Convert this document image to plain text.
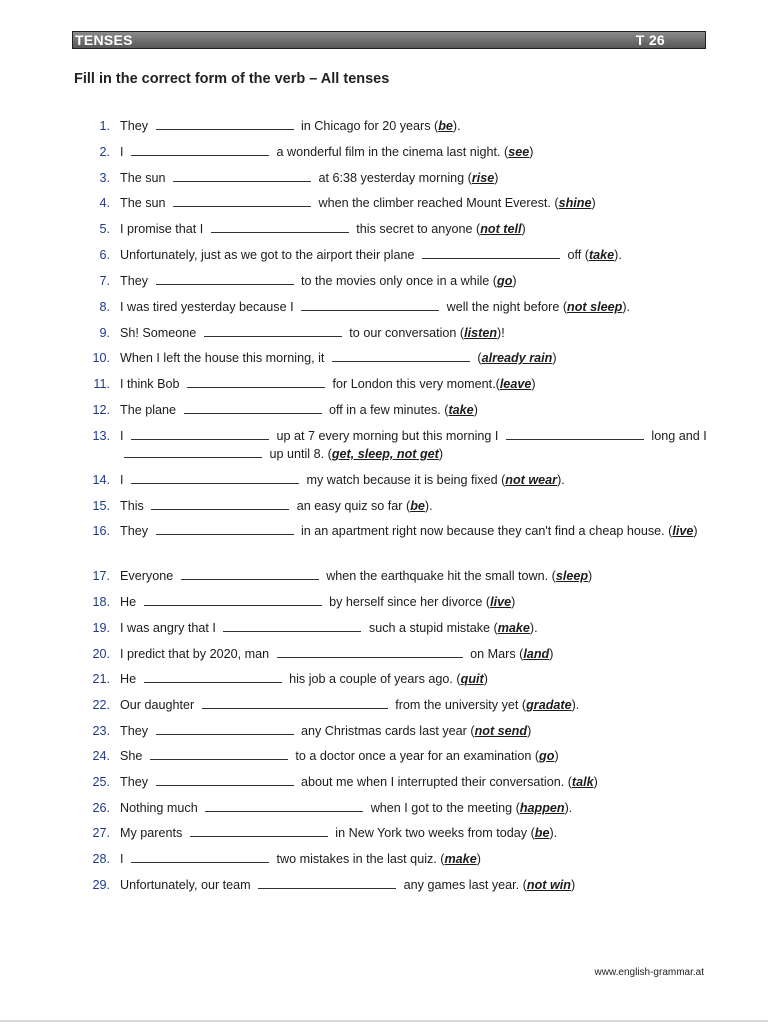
TENSES	T 26
Fill in the correct form of the verb – All tenses
1. They	in Chicago for 20 years (be).
2. I	a wonderful film in the cinema last night. (see)
3. The sun	at 6:38 yesterday morning (rise)
4. The sun	when the climber reached Mount Everest. (shine)
5. I promise that I	this secret to anyone (not tell)
6. Unfortunately, just as we got to the airport their plane	off (take).
7. They	to the movies only once in a while (go)
8. I was tired yesterday because I	well the night before (not sleep).
9. Sh! Someone	to our conversation (listen)!
10. When I left the house this morning, it	(already rain)
11. I think Bob	for London this very moment.(leave)
12. The plane	off in a few minutes. (take)
13. I	up at 7 every morning but this morning I	long and I  up until 8. (get, sleep, not get)
14. I	my watch because it is being fixed (not wear).
15. This	an easy quiz so far (be).
16. They	in an apartment right now because they can't find a cheap house. (live)
17. Everyone	when the earthquake hit the small town. (sleep)
18. He	by herself since her divorce (live)
19. I was angry that I	such a stupid mistake (make).
20. I predict that by 2020, man	on Mars (land)
21. He	his job a couple of years ago. (quit)
22. Our daughter	from the university yet (gradate).
23. They	any Christmas cards last year (not send)
24. She	to a doctor once a year for an examination (go)
25. They	about me when I interrupted their conversation. (talk)
26. Nothing much	when I got to the meeting (happen).
27. My parents	in New York two weeks from today (be).
28. I	two mistakes in the last quiz. (make)
29. Unfortunately, our team	any games last year. (not win)
www.english-grammar.at
